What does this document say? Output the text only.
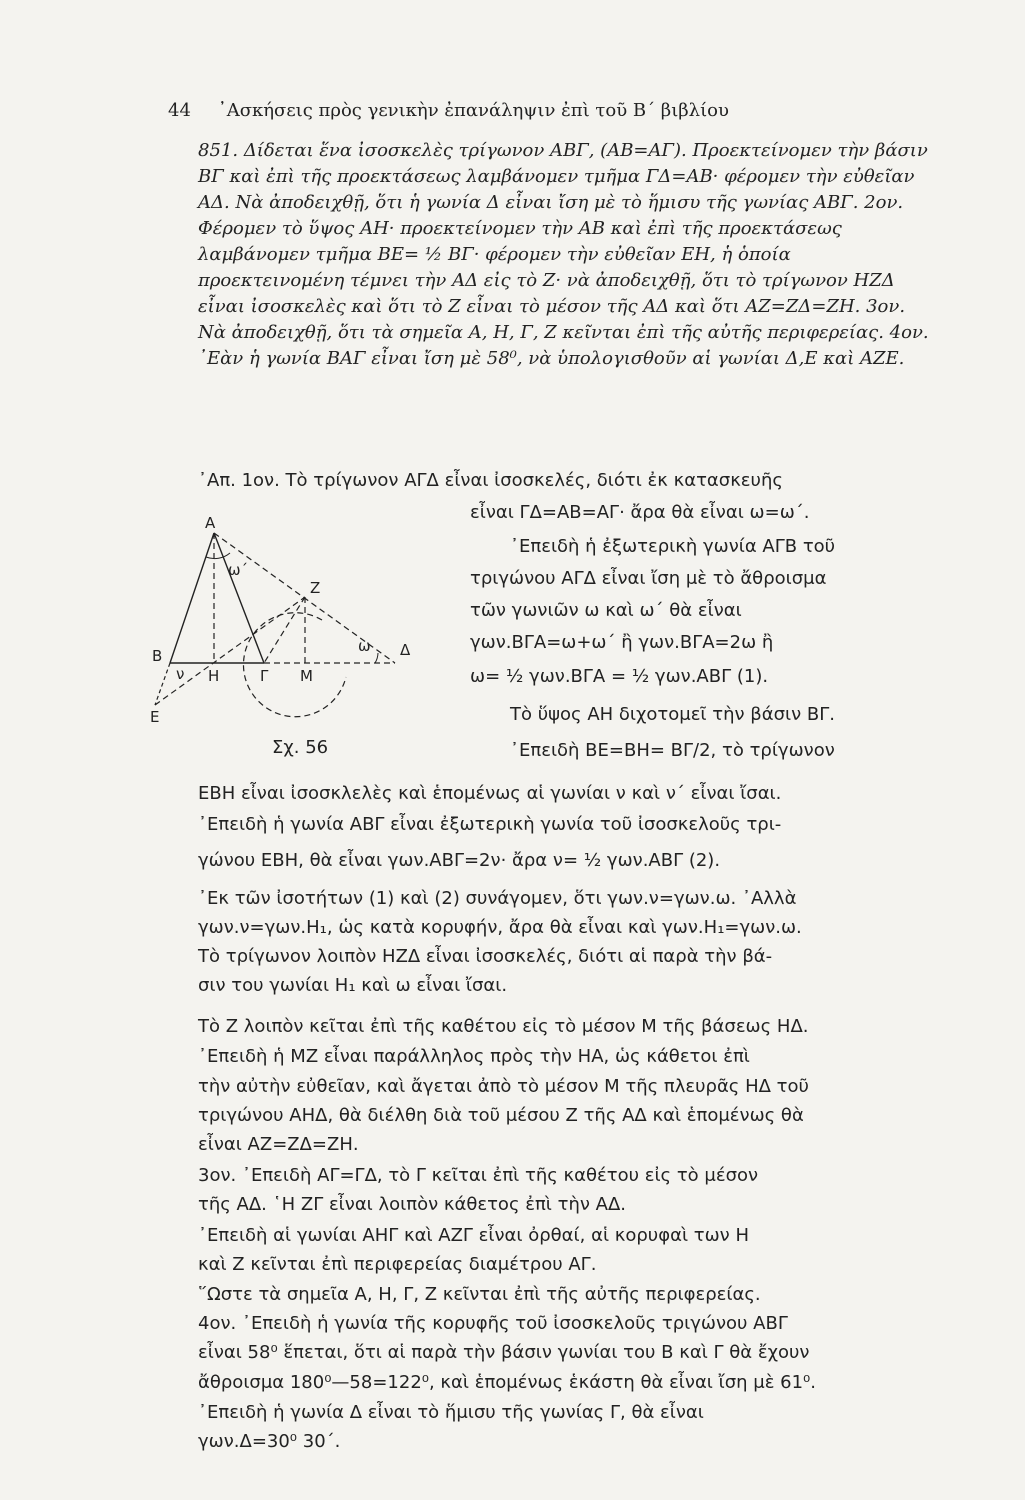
44 ᾿Ασκήσεις πρὸς γενικὴν ἐπανάληψιν ἐπὶ τοῦ Β΄ βιβλίου
851. Δίδεται ἕνα ἰσοσκελὲς τρίγωνον ΑΒΓ, (ΑΒ=ΑΓ). Προεκτείνομεν τὴν βάσιν ΒΓ καὶ ἐπὶ τῆς προεκτάσεως λαμβάνομεν τμῆμα ΓΔ=ΑΒ· φέρομεν τὴν εὐθεῖαν ΑΔ. Νὰ ἀποδειχθῇ, ὅτι ἡ γωνία Δ εἶναι ἴση μὲ τὸ ἥμισυ τῆς γωνίας ΑΒΓ. 2ον. Φέρομεν τὸ ὕψος ΑΗ· προεκτείνομεν τὴν ΑΒ καὶ ἐπὶ τῆς προεκτάσεως λαμβάνομεν τμῆμα ΒΕ= ½ ΒΓ· φέρομεν τὴν εὐθεῖαν ΕΗ, ἡ ὁποία προεκτεινομένη τέμνει τὴν ΑΔ εἰς τὸ Ζ· νὰ ἀποδειχθῇ, ὅτι τὸ τρίγωνον ΗΖΔ εἶναι ἰσοσκελὲς καὶ ὅτι τὸ Ζ εἶναι τὸ μέσον τῆς ΑΔ καὶ ὅτι ΑΖ=ΖΔ=ΖΗ. 3ον. Νὰ ἀποδειχθῇ, ὅτι τὰ σημεῖα Α, Η, Γ, Ζ κεῖνται ἐπὶ τῆς αὐτῆς περιφερείας. 4ον. ᾿Εὰν ἡ γωνία ΒΑΓ εἶναι ἴση μὲ 58⁰, νὰ ὑπολογισθοῦν αἱ γωνίαι Δ,Ε καὶ ΑΖΕ.
Α
Ζ
Β
Η	Γ Μ
Δ
Ε
ω΄
ω
ν
Σχ. 56
᾿Απ. 1ον. Τὸ τρίγωνον ΑΓΔ εἶναι ἰσοσκελές, διότι ἐκ κατασκευῆς
εἶναι ΓΔ=ΑΒ=ΑΓ· ἄρα θὰ εἶναι ω=ω΄.
᾿Επειδὴ ἡ ἐξωτερικὴ γωνία ΑΓΒ τοῦ
τριγώνου ΑΓΔ εἶναι ἴση μὲ τὸ ἄθροισμα
τῶν γωνιῶν ω καὶ ω΄ θὰ εἶναι
γων.ΒΓΑ=ω+ω΄ ἢ γων.ΒΓΑ=2ω ἢ
ω= ½ γων.ΒΓΑ = ½ γων.ΑΒΓ (1).
Τὸ ὕψος ΑΗ διχοτομεῖ τὴν βάσιν ΒΓ.
᾿Επειδὴ ΒΕ=ΒΗ= ΒΓ/2, τὸ τρίγωνον
ΕΒΗ εἶναι ἰσοσκλελὲς καὶ ἑπομένως αἱ γωνίαι ν καὶ ν΄ εἶναι ἴσαι.
᾿Επειδὴ ἡ γωνία ΑΒΓ εἶναι ἐξωτερικὴ γωνία τοῦ ἰσοσκελοῦς τρι-
γώνου ΕΒΗ, θὰ εἶναι γων.ΑΒΓ=2ν· ἄρα ν= ½ γων.ΑΒΓ (2).
᾿Εκ τῶν ἰσοτήτων (1) καὶ (2) συνάγομεν, ὅτι γων.ν=γων.ω. ᾿Αλλὰ
γων.ν=γων.Η₁, ὡς κατὰ κορυφήν, ἄρα θὰ εἶναι καὶ γων.Η₁=γων.ω.
Τὸ τρίγωνον λοιπὸν ΗΖΔ εἶναι ἰσοσκελές, διότι αἱ παρὰ τὴν βά-
σιν του γωνίαι Η₁ καὶ ω εἶναι ἴσαι.
Τὸ Ζ λοιπὸν κεῖται ἐπὶ τῆς καθέτου εἰς τὸ μέσον Μ τῆς βάσεως ΗΔ.
᾿Επειδὴ ἡ ΜΖ εἶναι παράλληλος πρὸς τὴν ΗΑ, ὡς κάθετοι ἐπὶ
τὴν αὐτὴν εὐθεῖαν, καὶ ἄγεται ἀπὸ τὸ μέσον Μ τῆς πλευρᾶς ΗΔ τοῦ
τριγώνου ΑΗΔ, θὰ διέλθη διὰ τοῦ μέσου Ζ τῆς ΑΔ καὶ ἑπομένως θὰ
εἶναι ΑΖ=ΖΔ=ΖΗ.
3ον. ᾿Επειδὴ ΑΓ=ΓΔ, τὸ Γ κεῖται ἐπὶ τῆς καθέτου εἰς τὸ μέσον
τῆς ΑΔ. ῾Η ΖΓ εἶναι λοιπὸν κάθετος ἐπὶ τὴν ΑΔ.
᾿Επειδὴ αἱ γωνίαι ΑΗΓ καὶ ΑΖΓ εἶναι ὀρθαί, αἱ κορυφαὶ των Η
καὶ Ζ κεῖνται ἐπὶ περιφερείας διαμέτρου ΑΓ.
῞Ωστε τὰ σημεῖα Α, Η, Γ, Ζ κεῖνται ἐπὶ τῆς αὐτῆς περιφερείας.
4ον. ᾿Επειδὴ ἡ γωνία τῆς κορυφῆς τοῦ ἰσοσκελοῦς τριγώνου ΑΒΓ
εἶναι 58⁰ ἕπεται, ὅτι αἱ παρὰ τὴν βάσιν γωνίαι του Β καὶ Γ θὰ ἔχουν
ἄθροισμα 180⁰—58=122⁰, καὶ ἑπομένως ἑκάστη θὰ εἶναι ἴση μὲ 61⁰.
᾿Επειδὴ ἡ γωνία Δ εἶναι τὸ ἥμισυ τῆς γωνίας Γ, θὰ εἶναι
γων.Δ=30⁰ 30΄.
